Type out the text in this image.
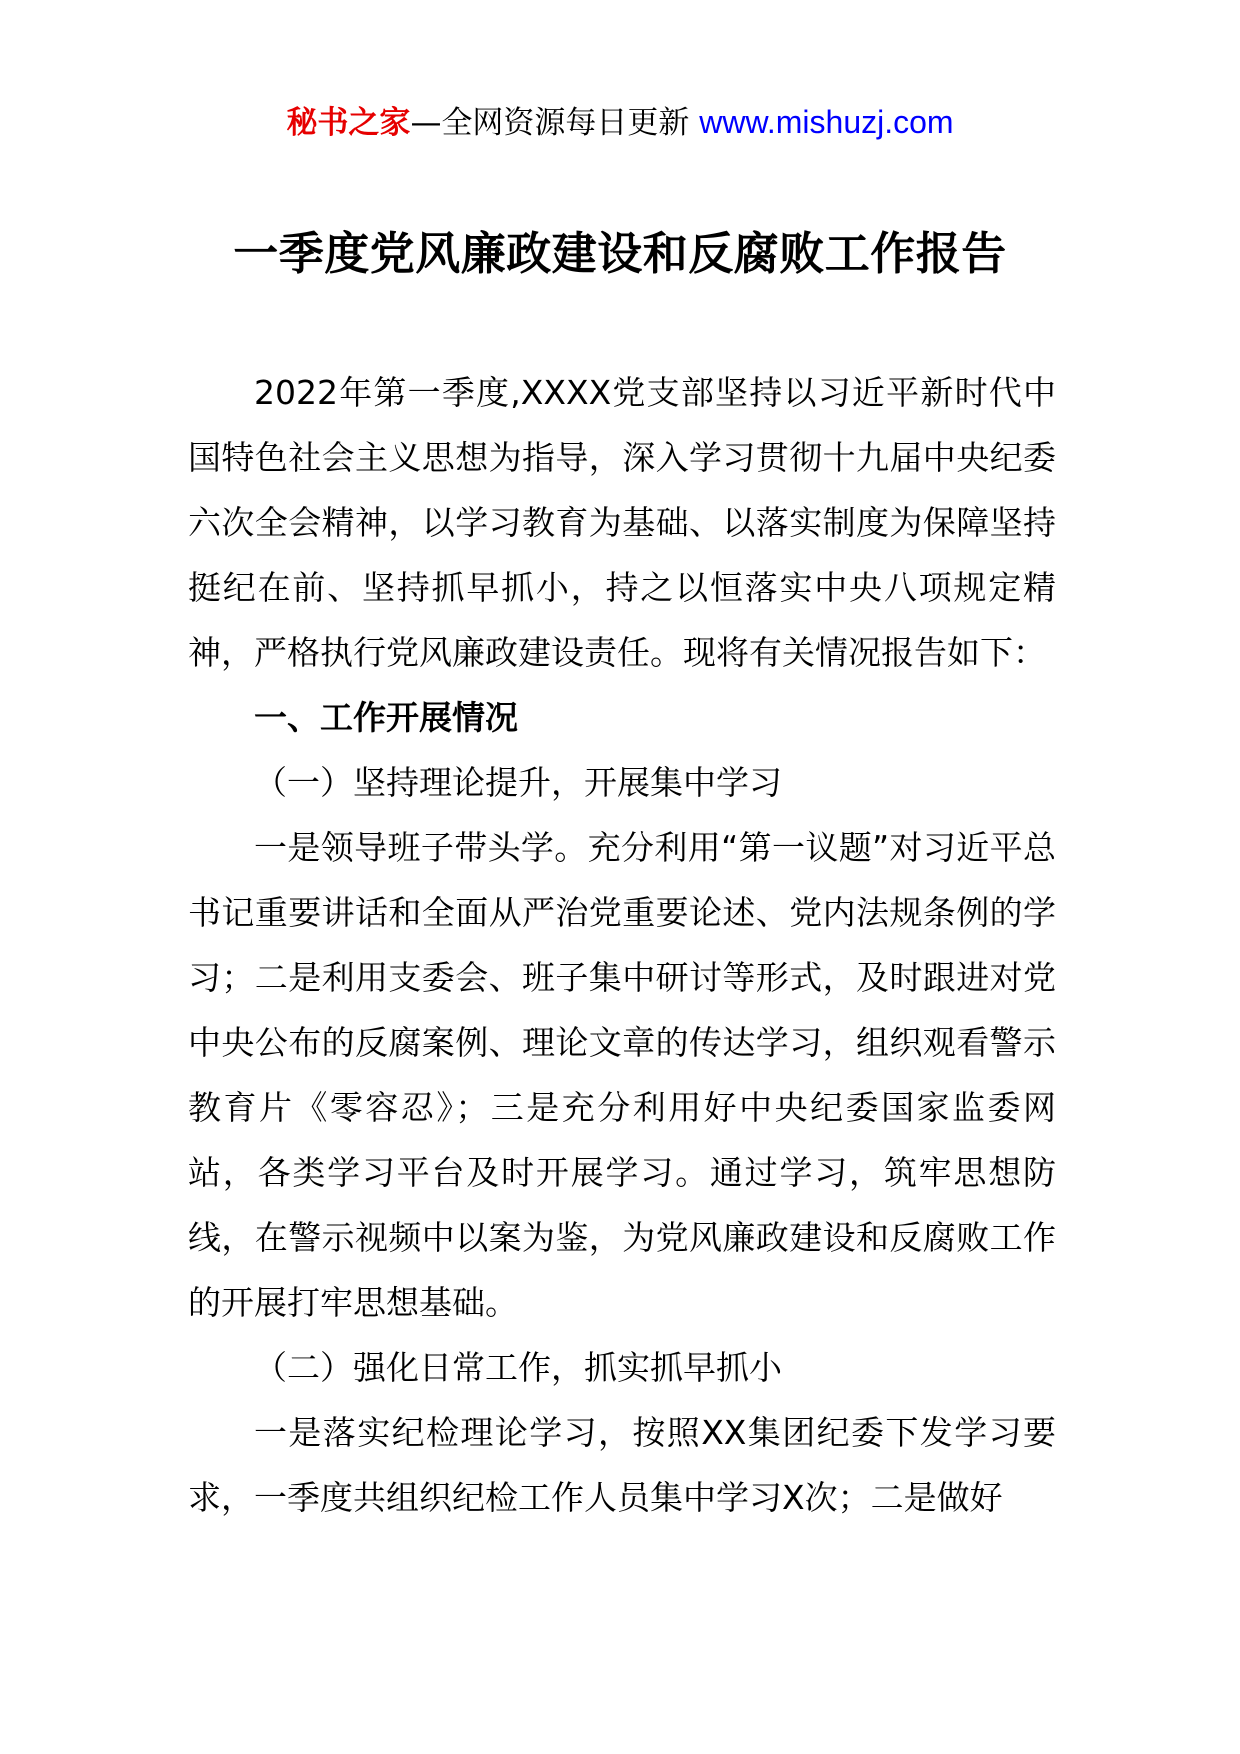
秘书之家—全网资源每日更新 www.mishuzj.com
一季度党风廉政建设和反腐败工作报告

2022年第一季度,XXXX党支部坚持以习近平新时代中国特色社会主义思想为指导，深入学习贯彻十九届中央纪委六次全会精神，以学习教育为基础、以落实制度为保障坚持挺纪在前、坚持抓早抓小，持之以恒落实中央八项规定精神，严格执行党风廉政建设责任。现将有关情况报告如下：

一、工作开展情况

（一）坚持理论提升，开展集中学习

一是领导班子带头学。充分利用“第一议题”对习近平总书记重要讲话和全面从严治党重要论述、党内法规条例的学习；二是利用支委会、班子集中研讨等形式，及时跟进对党中央公布的反腐案例、理论文章的传达学习，组织观看警示教育片《零容忍》；三是充分利用好中央纪委国家监委网站，各类学习平台及时开展学习。通过学习，筑牢思想防线，在警示视频中以案为鉴，为党风廉政建设和反腐败工作的开展打牢思想基础。

（二）强化日常工作，抓实抓早抓小

一是落实纪检理论学习，按照XX集团纪委下发学习要求，一季度共组织纪检工作人员集中学习X次；二是做好
